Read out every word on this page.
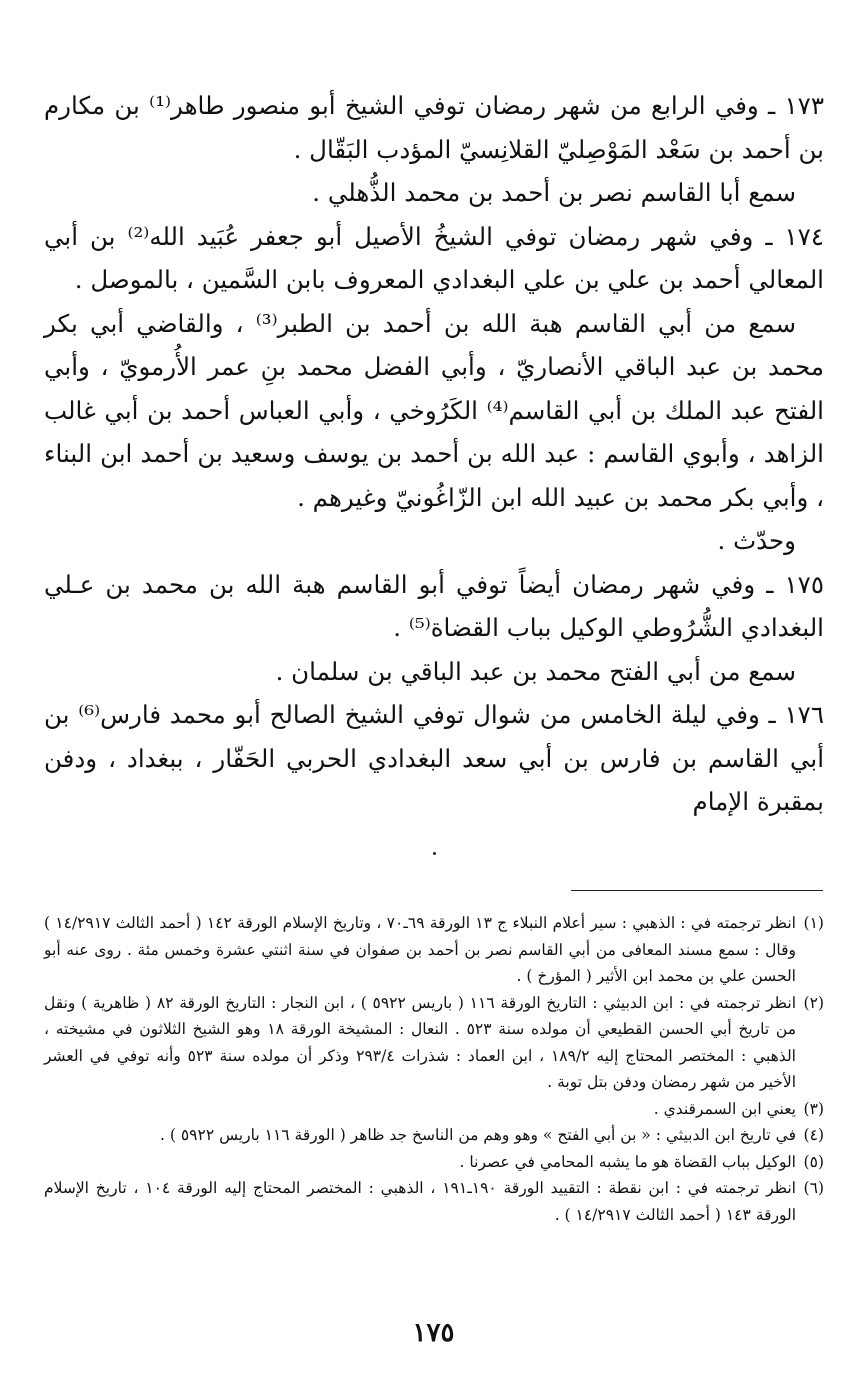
١٧٣ ـ وفي الرابع من شهر رمضان توفي الشيخ أبو منصور طاهر⁽¹⁾ بن مكارم بن أحمد بن سَعْد المَوْصِليّ القلانِسيّ المؤدب البَقّال .

سمع أبا القاسم نصر بن أحمد بن محمد الذُّهلي .

١٧٤ ـ وفي شهر رمضان توفي الشيخُ الأصيل أبو جعفر عُبَيد الله⁽²⁾ بن أبي المعالي أحمد بن علي بن علي البغدادي المعروف بابن السَّمين ، بالموصل .

سمع من أبي القاسم هبة الله بن أحمد بن الطبر⁽³⁾ ، والقاضي أبي بكر محمد بن عبد الباقي الأنصاريّ ، وأبي الفضل محمد بنِ عمر الأُرمويّ ، وأبي الفتح عبد الملك بن أبي القاسم⁽⁴⁾ الكَرُوخي ، وأبي العباس أحمد بن أبي غالب الزاهد ، وأبوي القاسم : عبد الله بن أحمد بن يوسف وسعيد بن أحمد ابن البناء ، وأبي بكر محمد بن عبيد الله ابن الزّاغُونيّ وغيرهم .

وحدّث .

١٧٥ ـ وفي شهر رمضان أيضاً توفي أبو القاسم هبة الله بن محمد بن عـلي البغدادي الشُّرُوطي الوكيل بباب القضاة⁽⁵⁾ .

سمع من أبي الفتح محمد بن عبد الباقي بن سلمان .

١٧٦ ـ وفي ليلة الخامس من شوال توفي الشيخ الصالح أبو محمد فارس⁽⁶⁾ بن أبي القاسم بن فارس بن أبي سعد البغدادي الحربي الحَفّار ، ببغداد ، ودفن بمقبرة الإمام

(١)انظر ترجمته في : الذهبي : سير أعلام النبلاء ج ١٣ الورقة ٦٩ـ٧٠ ، وتاريخ الإسلام الورقة ١٤٢ ( أحمد الثالث ١٤/٢٩١٧ ) وقال : سمع مسند المعافى من أبي القاسم نصر بن أحمد بن صفوان في سنة اثنتي عشرة وخمس مئة . روى عنه أبو الحسن علي بن محمد ابن الأثير ( المؤرخ ) .

(٢)انظر ترجمته في : ابن الدبيثي : التاريخ الورقة ١١٦ ( باريس ٥٩٢٢ ) ، ابن النجار : التاريخ الورقة ٨٢ ( ظاهرية ) ونقل من تاريخ أبي الحسن القطيعي أن مولده سنة ٥٢٣ . النعال : المشيخة الورقة ١٨ وهو الشيخ الثلاثون في مشيخته ، الذهبي : المختصر المحتاج إليه ١٨٩/٢ ، ابن العماد : شذرات ٢٩٣/٤ وذكر أن مولده سنة ٥٢٣ وأنه توفي في العشر الأخير من شهر رمضان ودفن بتل توبة .

(٣)يعني ابن السمرقندي .

(٤)في تاريخ ابن الدبيثي : « بن أبي الفتح » وهو وهم من الناسخ جد ظاهر ( الورقة ١١٦ باريس ٥٩٢٢ ) .

(٥)الوكيل بباب القضاة هو ما يشبه المحامي في عصرنا .

(٦)انظر ترجمته في : ابن نقطة : التقييد الورقة ١٩٠ـ١٩١ ، الذهبي : المختصر المحتاج إليه الورقة ١٠٤ ، تاريخ الإسلام الورقة ١٤٣ ( أحمد الثالث ١٤/٢٩١٧ ) .

١٧٥
